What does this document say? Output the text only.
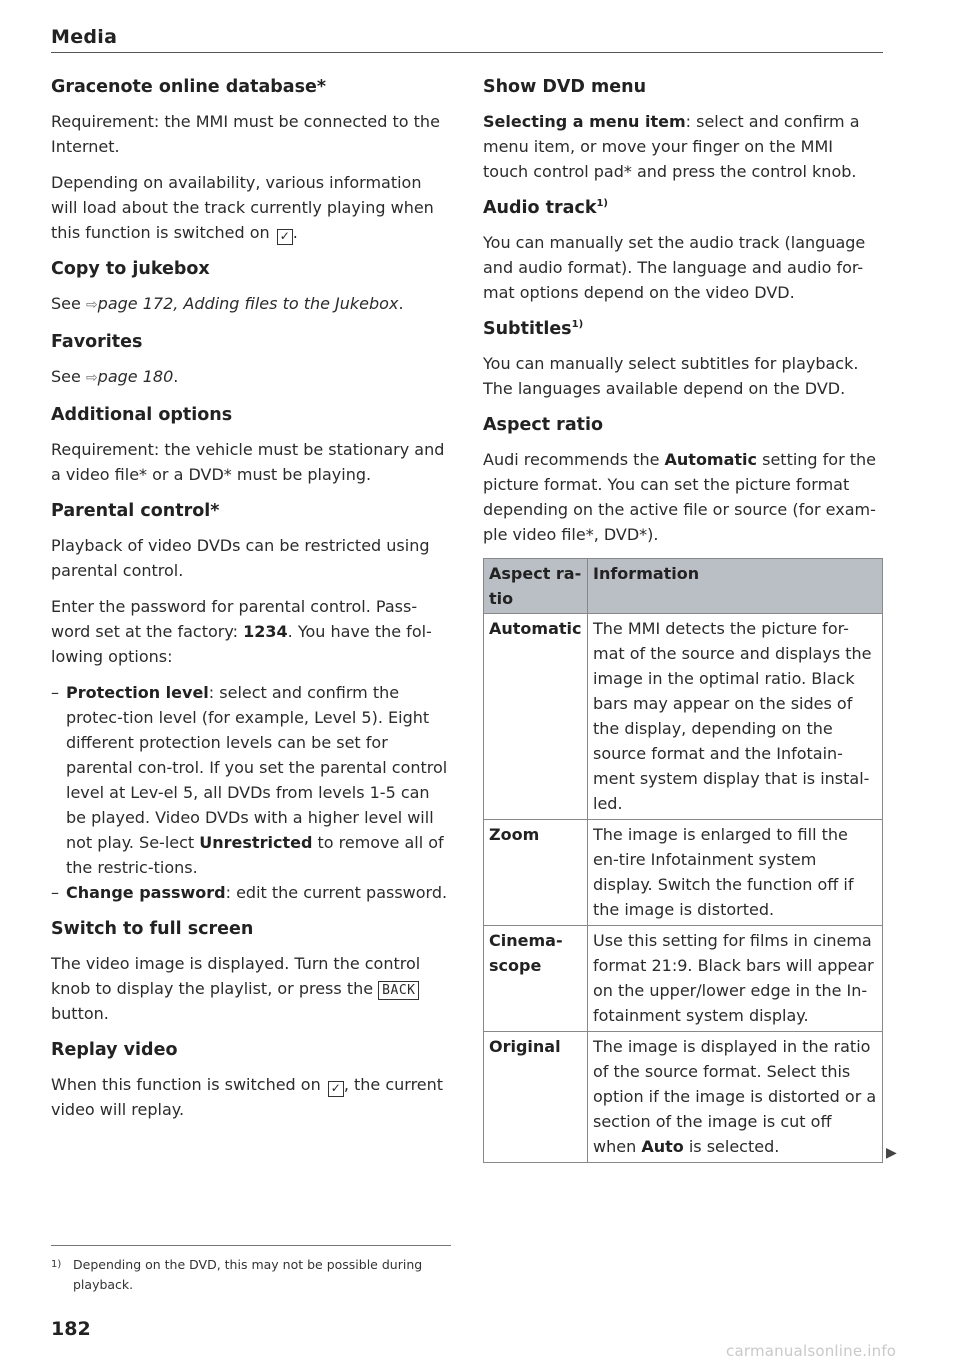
Media
Gracenote online database*

Requirement: the MMI must be connected to the Internet.

Depending on availability, various information will load about the track currently playing when this function is switched on ✓ .

Copy to jukebox

See ⇨page 172, Adding files to the Jukebox.

Favorites

See ⇨page 180.

Additional options

Requirement: the vehicle must be stationary and a video file* or a DVD* must be playing.

Parental control*

Playback of video DVDs can be restricted using parental control.

Enter the password for parental control. Pass-word set at the factory: 1234. You have the fol-lowing options:

– Protection level: select and confirm the protec-tion level (for example, Level 5). Eight different protection levels can be set for parental con-trol. If you set the parental control level at Lev-el 5, all DVDs from levels 1-5 can be played. Video DVDs with a higher level will not play. Se-lect Unrestricted to remove all of the restric-tions.
– Change password: edit the current password.
Switch to full screen

The video image is displayed. Turn the control knob to display the playlist, or press the BACK button.

Replay video

When this function is switched on ✓ , the current video will replay.

Show DVD menu

Selecting a menu item: select and confirm a menu item, or move your finger on the MMI touch control pad* and press the control knob.

Audio track$^{1)}$

You can manually set the audio track (language and audio format). The language and audio for-mat options depend on the video DVD.

Subtitles$^{1)}$

You can manually select subtitles for playback. The languages available depend on the DVD.

Aspect ratio

Audi recommends the Automatic setting for the picture format. You can set the picture format depending on the active file or source (for exam-ple video file*, DVD*).

Aspect ra-tio	Information
Automatic	The MMI detects the picture for-mat of the source and displays the image in the optimal ratio. Black bars may appear on the sides of the display, depending on the source format and the Infotain-ment system display that is instal-led.
Zoom	The image is enlarged to fill the en-tire Infotainment system display. Switch the function off if the image is distorted.
Cinema-scope	Use this setting for films in cinema format 21:9. Black bars will appear on the upper/lower edge in the In-fotainment system display.
Original	The image is displayed in the ratio of the source format. Select this option if the image is distorted or a section of the image is cut off when Auto is selected.	▶
1) Depending on the DVD, this may not be possible during playback.
182
carmanualsonline.info
